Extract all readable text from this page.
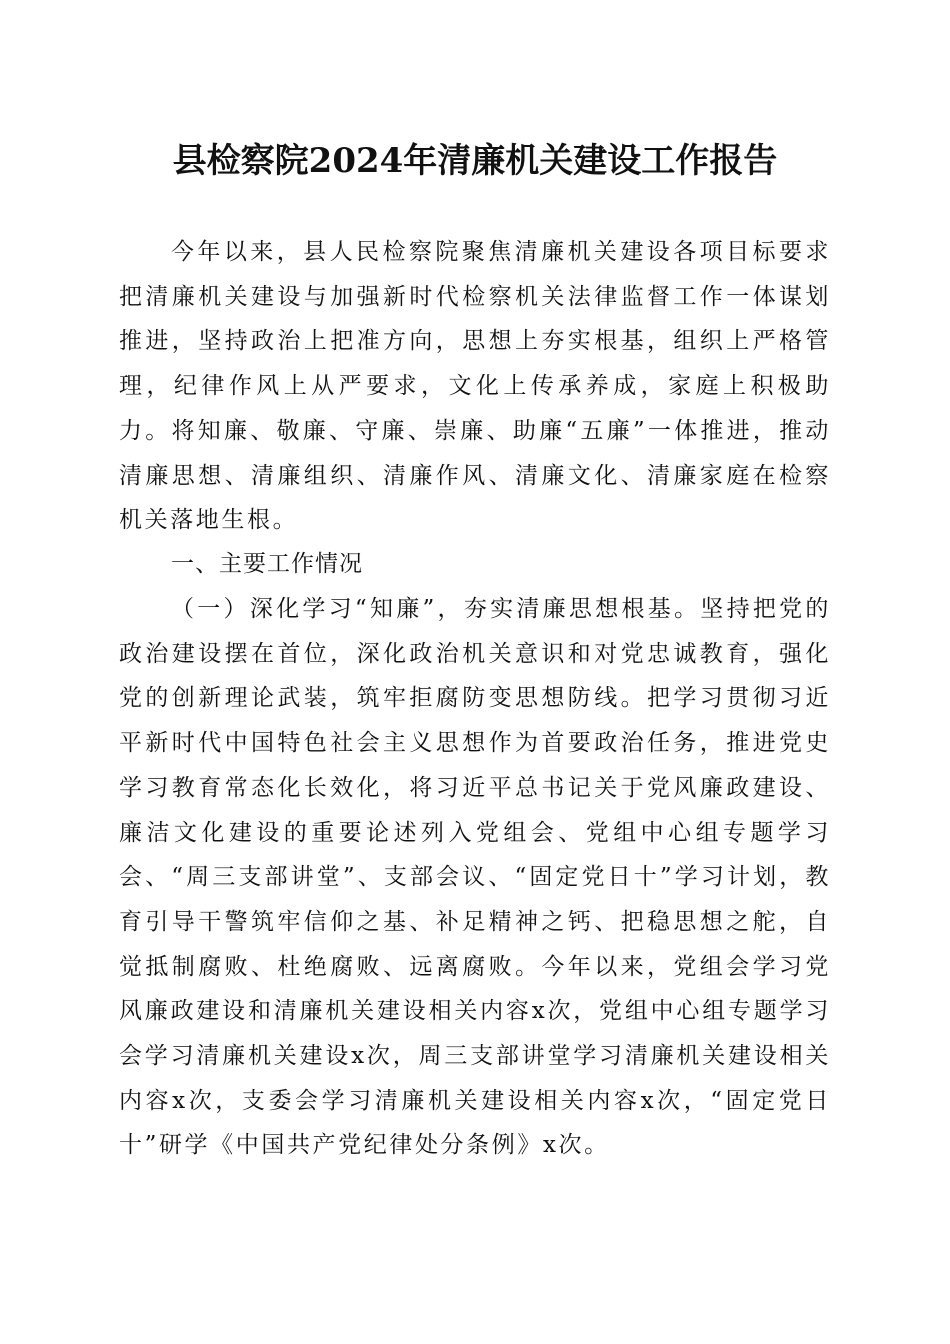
县检察院2024年清廉机关建设工作报告

今年以来，县人民检察院聚焦清廉机关建设各项目标要求把清廉机关建设与加强新时代检察机关法律监督工作一体谋划推进，坚持政治上把准方向，思想上夯实根基，组织上严格管理，纪律作风上从严要求，文化上传承养成，家庭上积极助力。将知廉、敬廉、守廉、崇廉、助廉“五廉”一体推进，推动清廉思想、清廉组织、清廉作风、清廉文化、清廉家庭在检察机关落地生根。

一、主要工作情况

（一）深化学习“知廉”，夯实清廉思想根基。坚持把党的政治建设摆在首位，深化政治机关意识和对党忠诚教育，强化党的创新理论武装，筑牢拒腐防变思想防线。把学习贯彻习近平新时代中国特色社会主义思想作为首要政治任务，推进党史学习教育常态化长效化，将习近平总书记关于党风廉政建设、廉洁文化建设的重要论述列入党组会、党组中心组专题学习会、“周三支部讲堂”、支部会议、“固定党日十”学习计划，教育引导干警筑牢信仰之基、补足精神之钙、把稳思想之舵，自觉抵制腐败、杜绝腐败、远离腐败。今年以来，党组会学习党风廉政建设和清廉机关建设相关内容x次，党组中心组专题学习会学习清廉机关建设x次，周三支部讲堂学习清廉机关建设相关内容x次，支委会学习清廉机关建设相关内容x次，“固定党日十”研学《中国共产党纪律处分条例》x次。
